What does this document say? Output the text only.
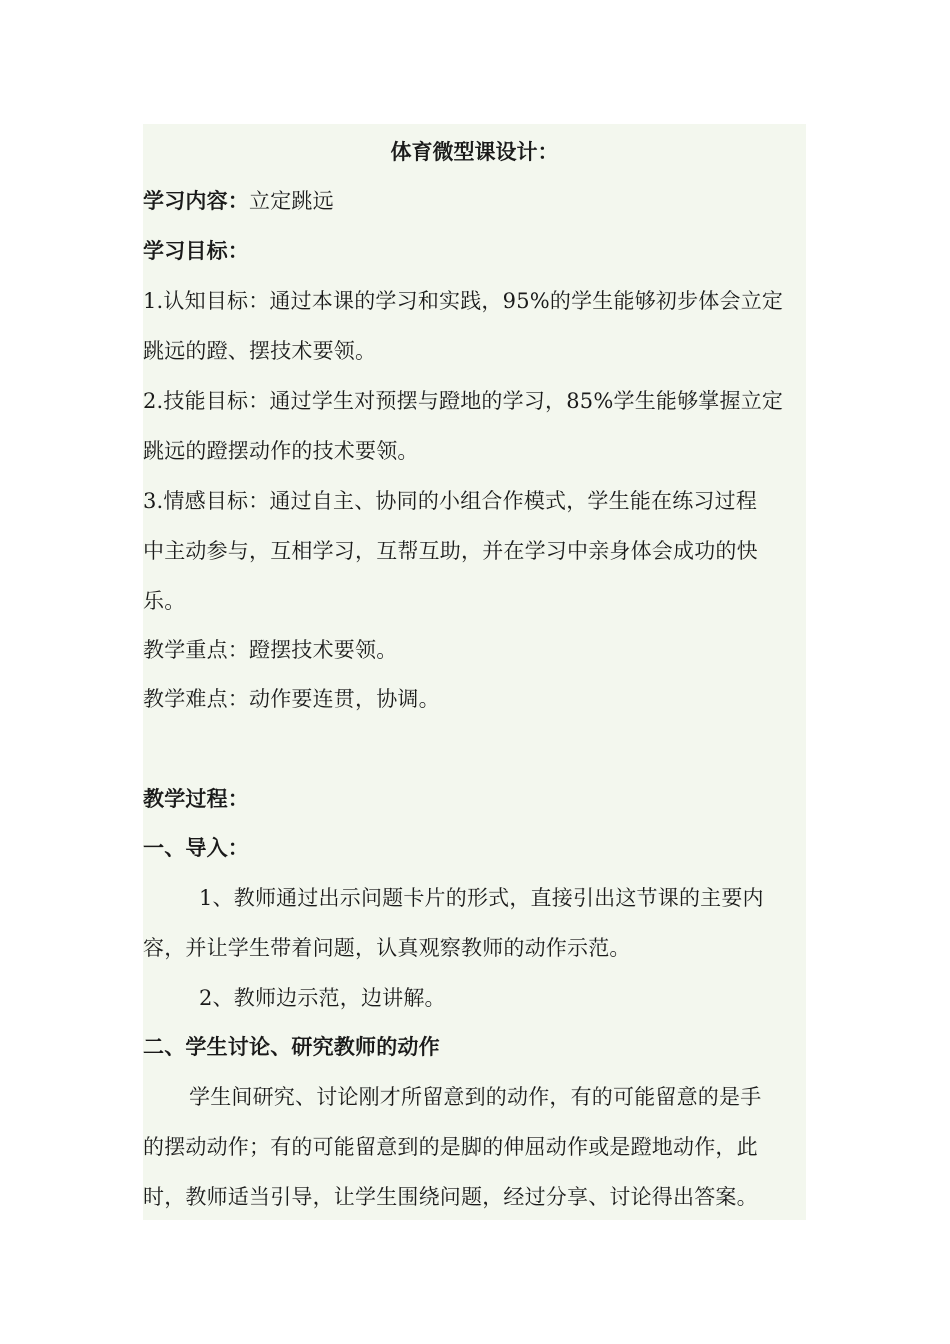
体育微型课设计：
学习内容：立定跳远
学习目标：
1.认知目标：通过本课的学习和实践，95%的学生能够初步体会立定
跳远的蹬、摆技术要领。
2.技能目标：通过学生对预摆与蹬地的学习，85%学生能够掌握立定
跳远的蹬摆动作的技术要领。
3.情感目标：通过自主、协同的小组合作模式，学生能在练习过程
中主动参与，互相学习，互帮互助，并在学习中亲身体会成功的快
乐。
教学重点：蹬摆技术要领。
教学难点：动作要连贯，协调。
教学过程：
一、导入：
1、教师通过出示问题卡片的形式，直接引出这节课的主要内
容，并让学生带着问题，认真观察教师的动作示范。
2、教师边示范，边讲解。
二、学生讨论、研究教师的动作
学生间研究、讨论刚才所留意到的动作，有的可能留意的是手
的摆动动作；有的可能留意到的是脚的伸屈动作或是蹬地动作，此
时，教师适当引导，让学生围绕问题，经过分享、讨论得出答案。
